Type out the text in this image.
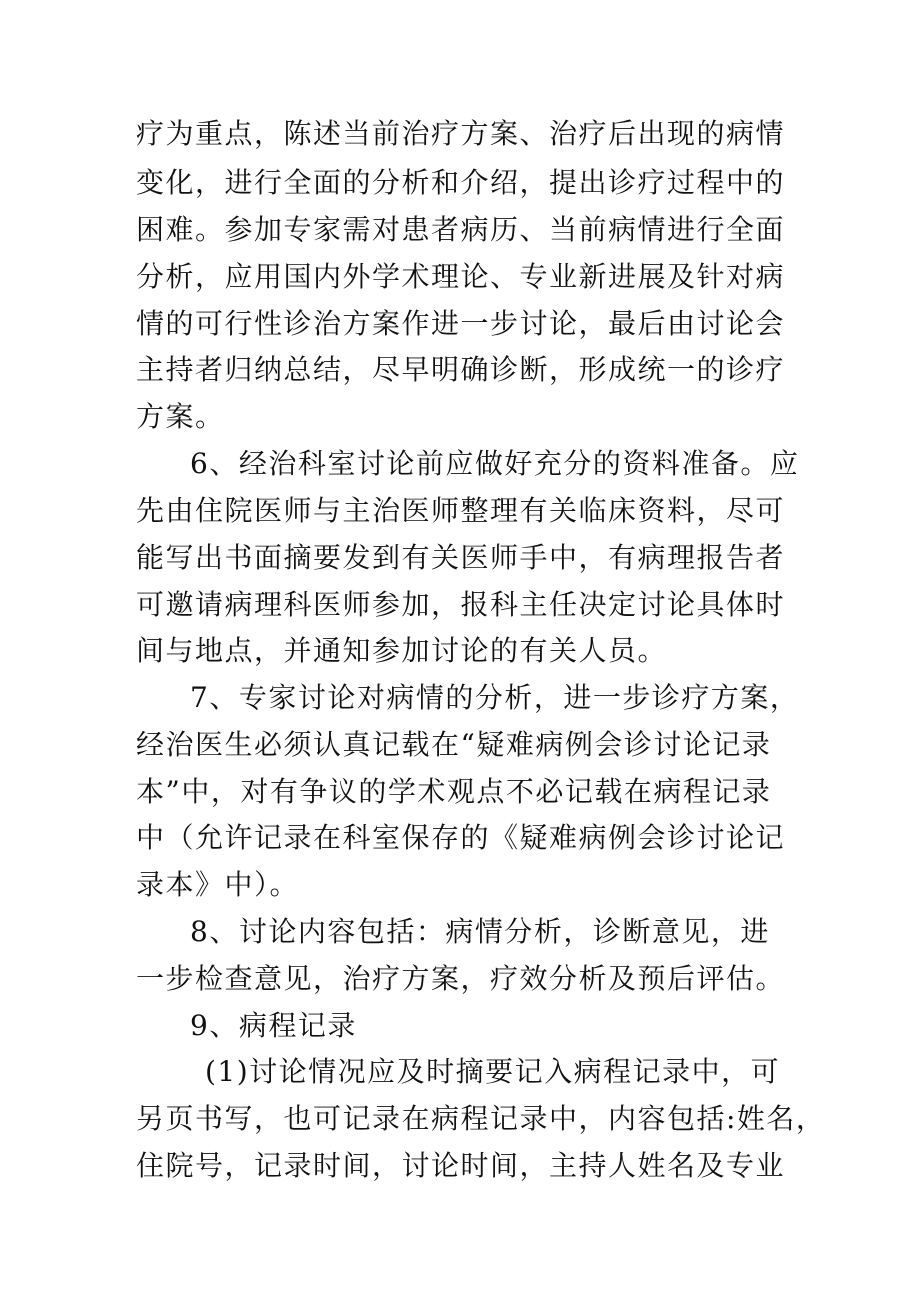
疗为重点，陈述当前治疗方案、治疗后出现的病情
变化，进行全面的分析和介绍，提出诊疗过程中的
困难。参加专家需对患者病历、当前病情进行全面
分析，应用国内外学术理论、专业新进展及针对病
情的可行性诊治方案作进一步讨论，最后由讨论会
主持者归纳总结，尽早明确诊断，形成统一的诊疗
方案。
6、经治科室讨论前应做好充分的资料准备。应
先由住院医师与主治医师整理有关临床资料，尽可
能写出书面摘要发到有关医师手中，有病理报告者
可邀请病理科医师参加，报科主任决定讨论具体时
间与地点，并通知参加讨论的有关人员。
7、专家讨论对病情的分析，进一步诊疗方案，
经治医生必须认真记载在“疑难病例会诊讨论记录
本”中，对有争议的学术观点不必记载在病程记录
中（允许记录在科室保存的《疑难病例会诊讨论记
录本》中）。
8、讨论内容包括：病情分析，诊断意见，进
一步检查意见，治疗方案，疗效分析及预后评估。
9、病程记录
(1)讨论情况应及时摘要记入病程记录中，可
另页书写，也可记录在病程记录中，内容包括:姓名，
住院号，记录时间，讨论时间，主持人姓名及专业
